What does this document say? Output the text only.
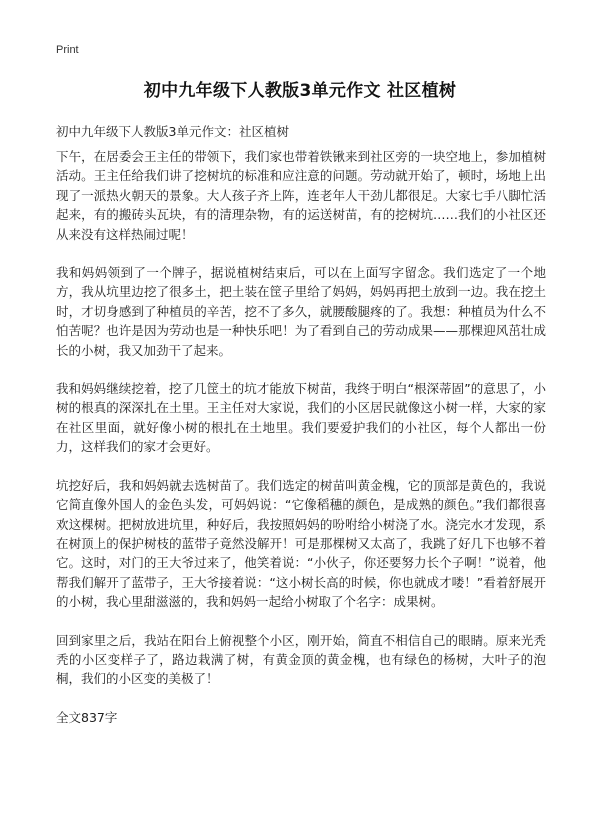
Print
初中九年级下人教版3单元作文 社区植树
初中九年级下人教版3单元作文：社区植树

下午，在居委会王主任的带领下，我们家也带着铁锹来到社区旁的一块空地上，参加植树活动。王主任给我们讲了挖树坑的标准和应注意的问题。劳动就开始了，顿时，场地上出现了一派热火朝天的景象。大人孩子齐上阵，连老年人干劲儿都很足。大家七手八脚忙活起来，有的搬砖头瓦块，有的清理杂物，有的运送树苗，有的挖树坑……我们的小社区还从来没有这样热闹过呢！

我和妈妈领到了一个牌子，据说植树结束后，可以在上面写字留念。我们选定了一个地方，我从坑里边挖了很多土，把土装在筐子里给了妈妈，妈妈再把土放到一边。我在挖土时，才切身感到了种植员的辛苦，挖不了多久，就腰酸腿疼的了。我想：种植员为什么不怕苦呢？也许是因为劳动也是一种快乐吧！为了看到自己的劳动成果——那棵迎风茁壮成长的小树，我又加劲干了起来。

我和妈妈继续挖着，挖了几筐土的坑才能放下树苗，我终于明白“根深蒂固”的意思了，小树的根真的深深扎在土里。王主任对大家说，我们的小区居民就像这小树一样，大家的家在社区里面，就好像小树的根扎在土地里。我们要爱护我们的小社区，每个人都出一份力，这样我们的家才会更好。

坑挖好后，我和妈妈就去选树苗了。我们选定的树苗叫黄金槐，它的顶部是黄色的，我说它简直像外国人的金色头发，可妈妈说：“它像稻穗的颜色，是成熟的颜色。”我们都很喜欢这棵树。把树放进坑里，种好后，我按照妈妈的吩咐给小树浇了水。浇完水才发现，系在树顶上的保护树枝的蓝带子竟然没解开！可是那棵树又太高了，我跳了好几下也够不着它。这时，对门的王大爷过来了，他笑着说：“小伙子，你还要努力长个子啊！”说着，他帮我们解开了蓝带子，王大爷接着说：“这小树长高的时候，你也就成才喽！”看着舒展开的小树，我心里甜滋滋的，我和妈妈一起给小树取了个名字：成果树。

回到家里之后，我站在阳台上俯视整个小区，刚开始，简直不相信自己的眼睛。原来光秃秃的小区变样子了，路边栽满了树，有黄金顶的黄金槐，也有绿色的杨树，大叶子的泡桐，我们的小区变的美极了！

全文837字
